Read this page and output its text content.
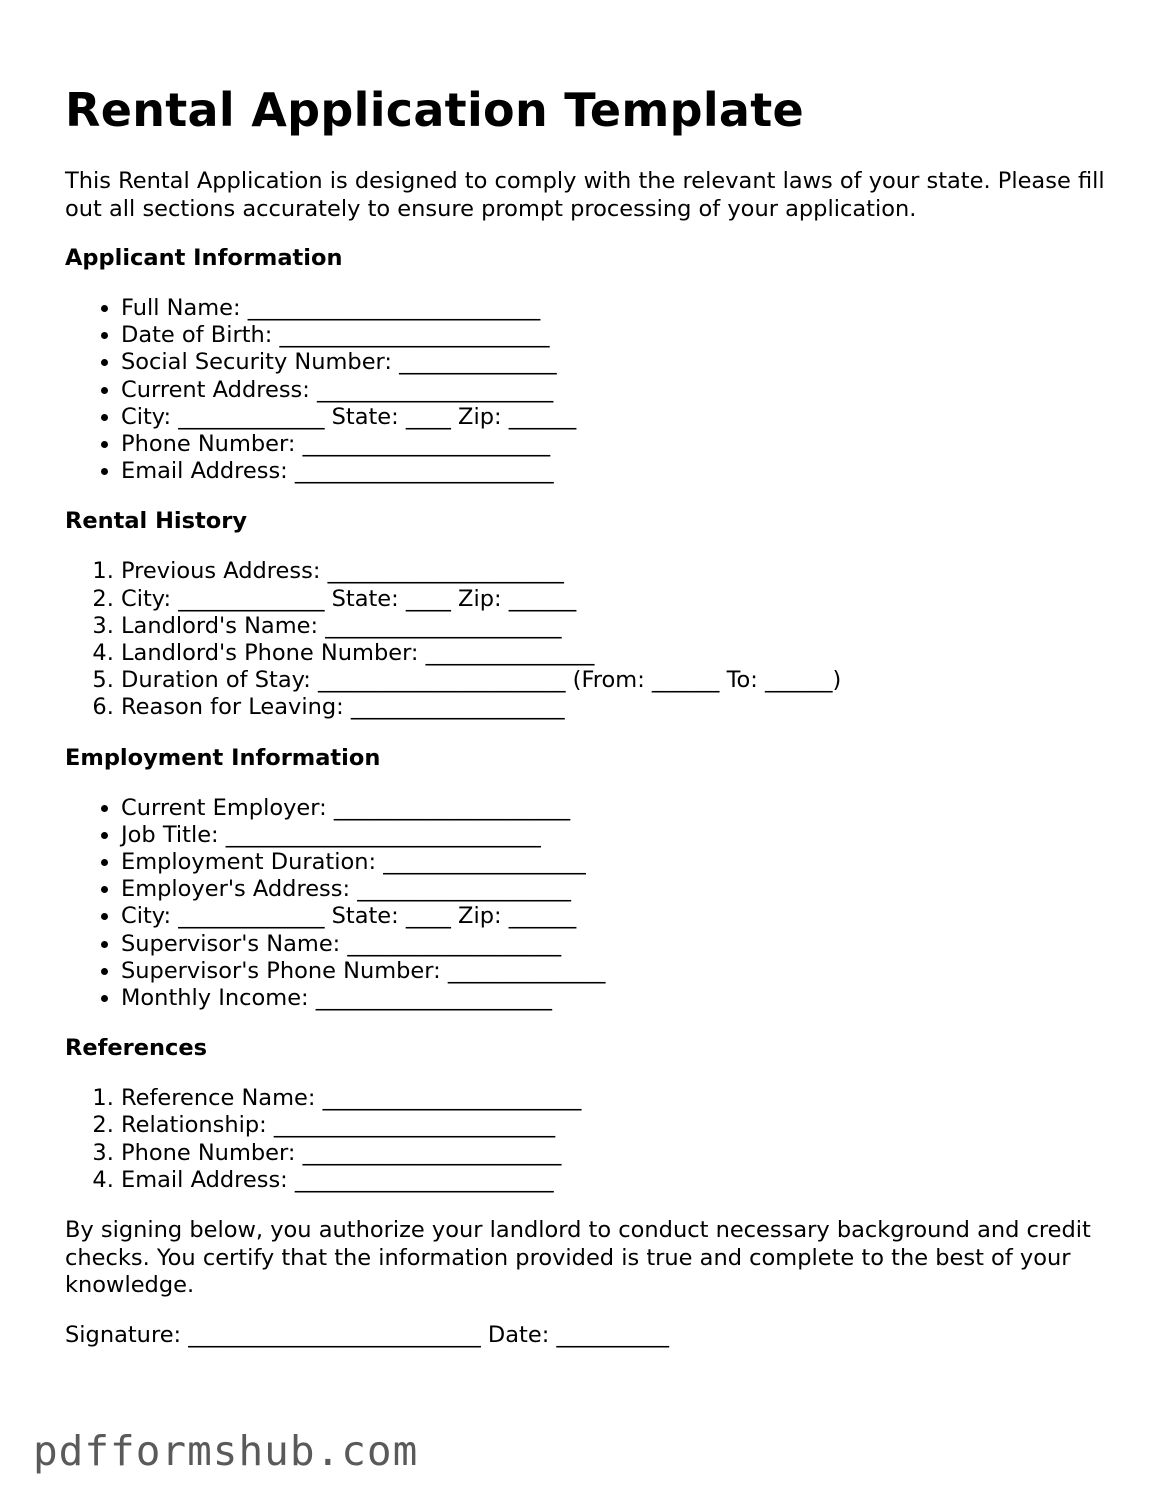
Rental Application Template

This Rental Application is designed to comply with the relevant laws of your state. Please fill out all sections accurately to ensure prompt processing of your application.

Applicant Information
• Full Name: __________________________
• Date of Birth: ________________________
• Social Security Number: ______________
• Current Address: _____________________
• City: _____________ State: ____ Zip: ______
• Phone Number: ______________________
• Email Address: _______________________
Rental History
1. Previous Address: _____________________
2. City: _____________ State: ____ Zip: ______
3. Landlord's Name: _____________________
4. Landlord's Phone Number: _______________
5. Duration of Stay: ______________________ (From: ______ To: ______)
6. Reason for Leaving: ___________________
Employment Information
• Current Employer: _____________________
• Job Title: ____________________________
• Employment Duration: __________________
• Employer's Address: ___________________
• City: _____________ State: ____ Zip: ______
• Supervisor's Name: ___________________
• Supervisor's Phone Number: ______________
• Monthly Income: _____________________
References
1. Reference Name: _______________________
2. Relationship: _________________________
3. Phone Number: _______________________
4. Email Address: _______________________

By signing below, you authorize your landlord to conduct necessary background and credit checks. You certify that the information provided is true and complete to the best of your knowledge.

Signature: __________________________ Date: __________
pdfformshub.com
